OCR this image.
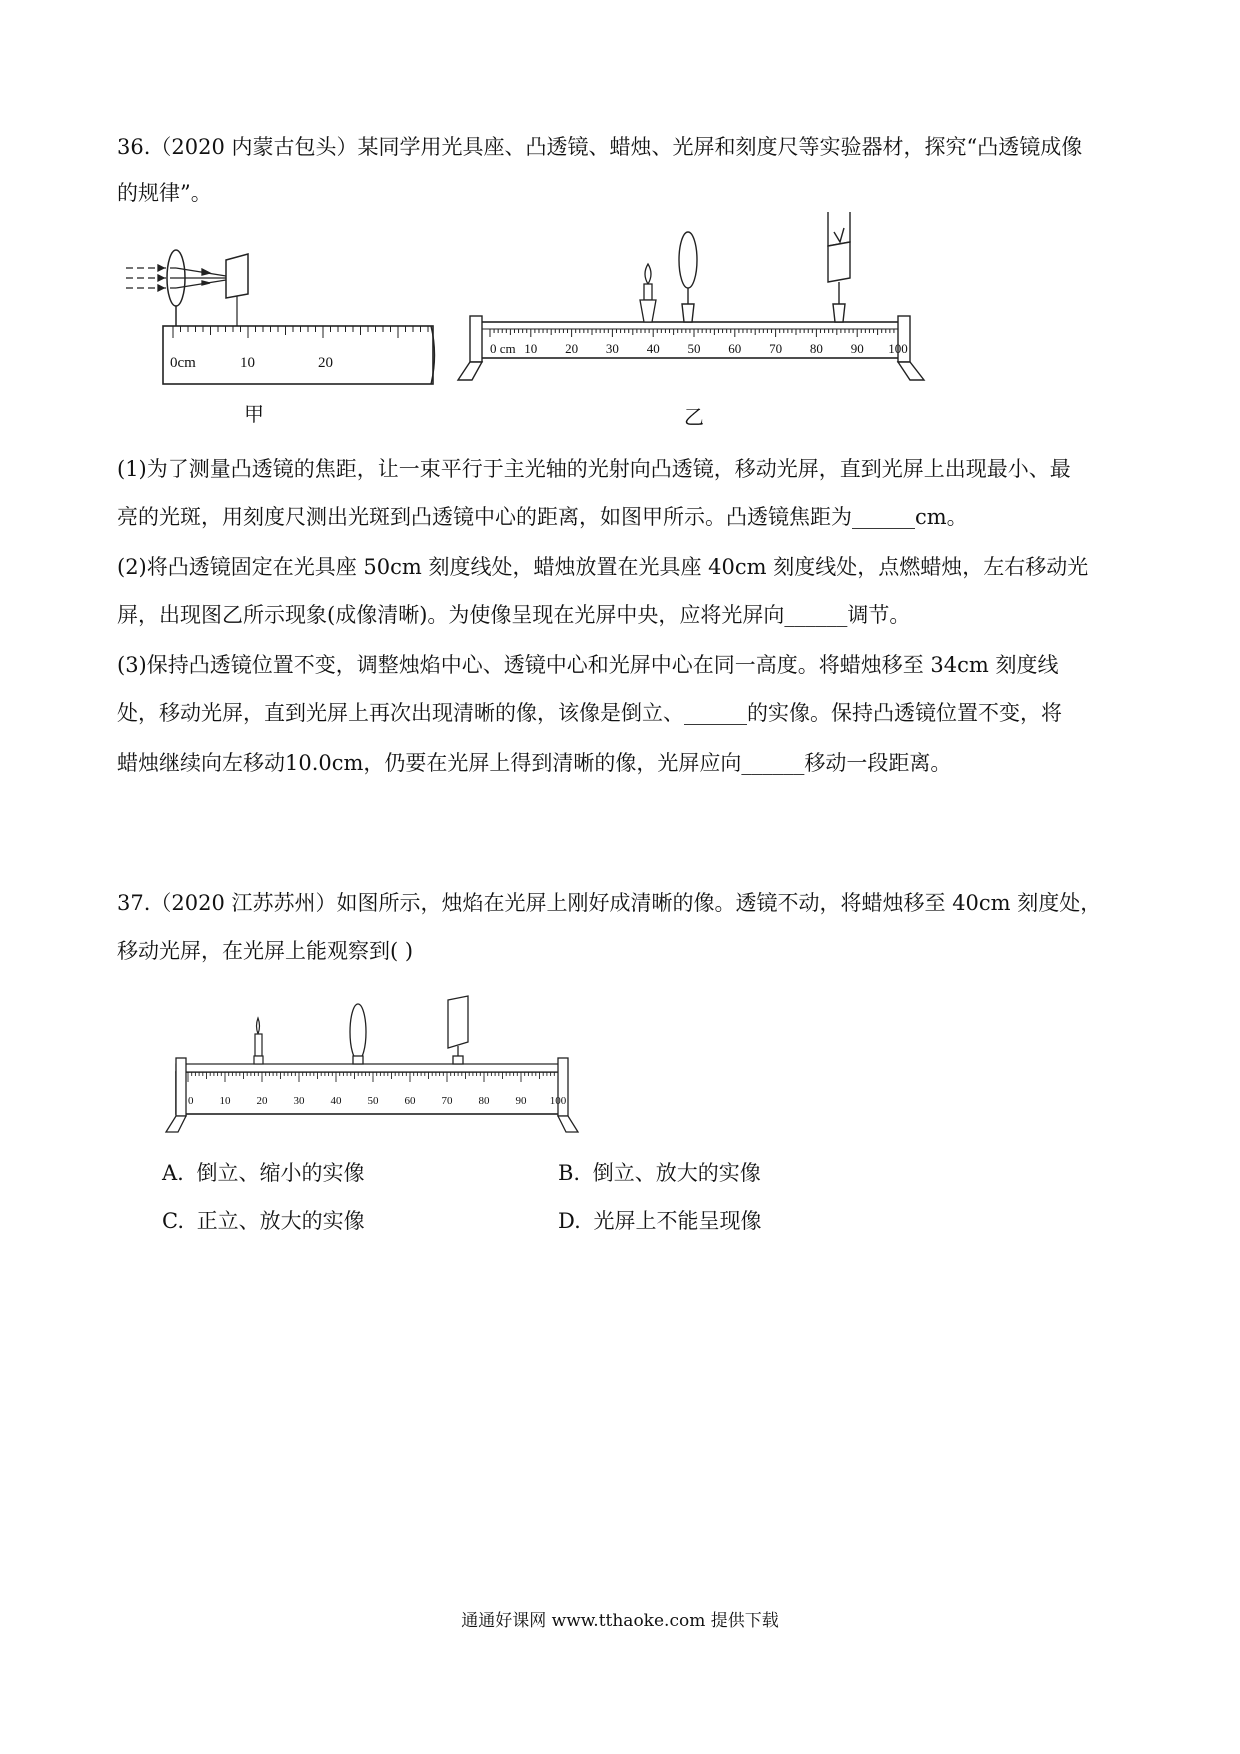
36.（2020 内蒙古包头）某同学用光具座、凸透镜、蜡烛、光屏和刻度尺等实验器材，探究“凸透镜成像
的规律”。
0cm	10	20
甲
0 cm 10 20 30 40 50 60 70 80 90 100
乙
(1)为了测量凸透镜的焦距，让一束平行于主光轴的光射向凸透镜，移动光屏，直到光屏上出现最小、最
亮的光斑，用刻度尺测出光斑到凸透镜中心的距离，如图甲所示。凸透镜焦距为______cm。
(2)将凸透镜固定在光具座 50cm 刻度线处，蜡烛放置在光具座 40cm 刻度线处，点燃蜡烛，左右移动光
屏，出现图乙所示现象(成像清晰)。为使像呈现在光屏中央，应将光屏向______调节。
(3)保持凸透镜位置不变，调整烛焰中心、透镜中心和光屏中心在同一高度。将蜡烛移至 34cm 刻度线
处，移动光屏，直到光屏上再次出现清晰的像，该像是倒立、______的实像。保持凸透镜位置不变，将
蜡烛继续向左移动10.0cm，仍要在光屏上得到清晰的像，光屏应向______移动一段距离。
37.（2020 江苏苏州）如图所示，烛焰在光屏上刚好成清晰的像。透镜不动，将蜡烛移至 40cm 刻度处，
移动光屏，在光屏上能观察到( )
0 10 20 30 40 50 60 70 80 90 100
A. 倒立、缩小的实像	B. 倒立、放大的实像
C. 正立、放大的实像	D. 光屏上不能呈现像
通通好课网 www.tthaoke.com 提供下载
